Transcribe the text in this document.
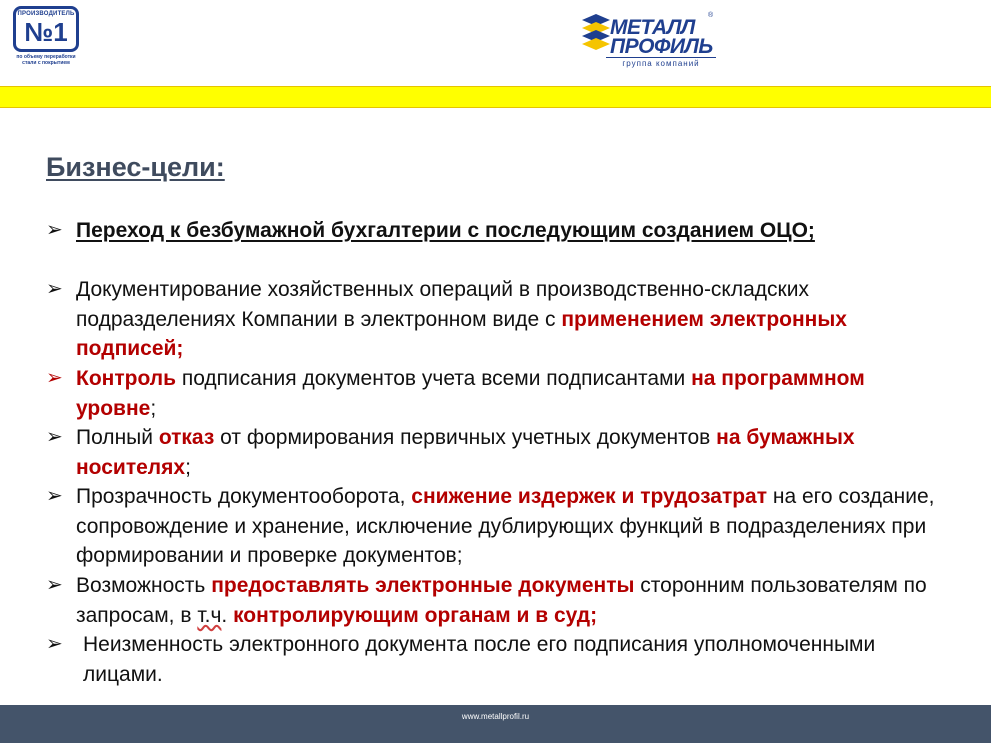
ПРОИЗВОДИТЕЛЬ
№1
по объему переработки
стали с покрытием
МЕТАЛЛ
ПРОФИЛЬ
®
группа компаний
Бизнес-цели:
➢ Переход к безбумажной бухгалтерии с последующим созданием ОЦО;
➢ Документирование хозяйственных операций в производственно-складских подразделениях Компании в электронном виде с применением электронных подписей;
➢ Контроль подписания документов учета всеми подписантами на программном уровне;
➢ Полный отказ от формирования первичных учетных документов на бумажных носителях;
➢ Прозрачность документооборота, снижение издержек и трудозатрат на его создание, сопровождение и хранение, исключение дублирующих функций в подразделениях при формировании и проверке документов;
➢ Возможность предоставлять электронные документы сторонним пользователям по запросам, в т.ч. контролирующим органам и в суд;
➢ Неизменность электронного документа после его подписания уполномоченными лицами.
www.metallprofil.ru
